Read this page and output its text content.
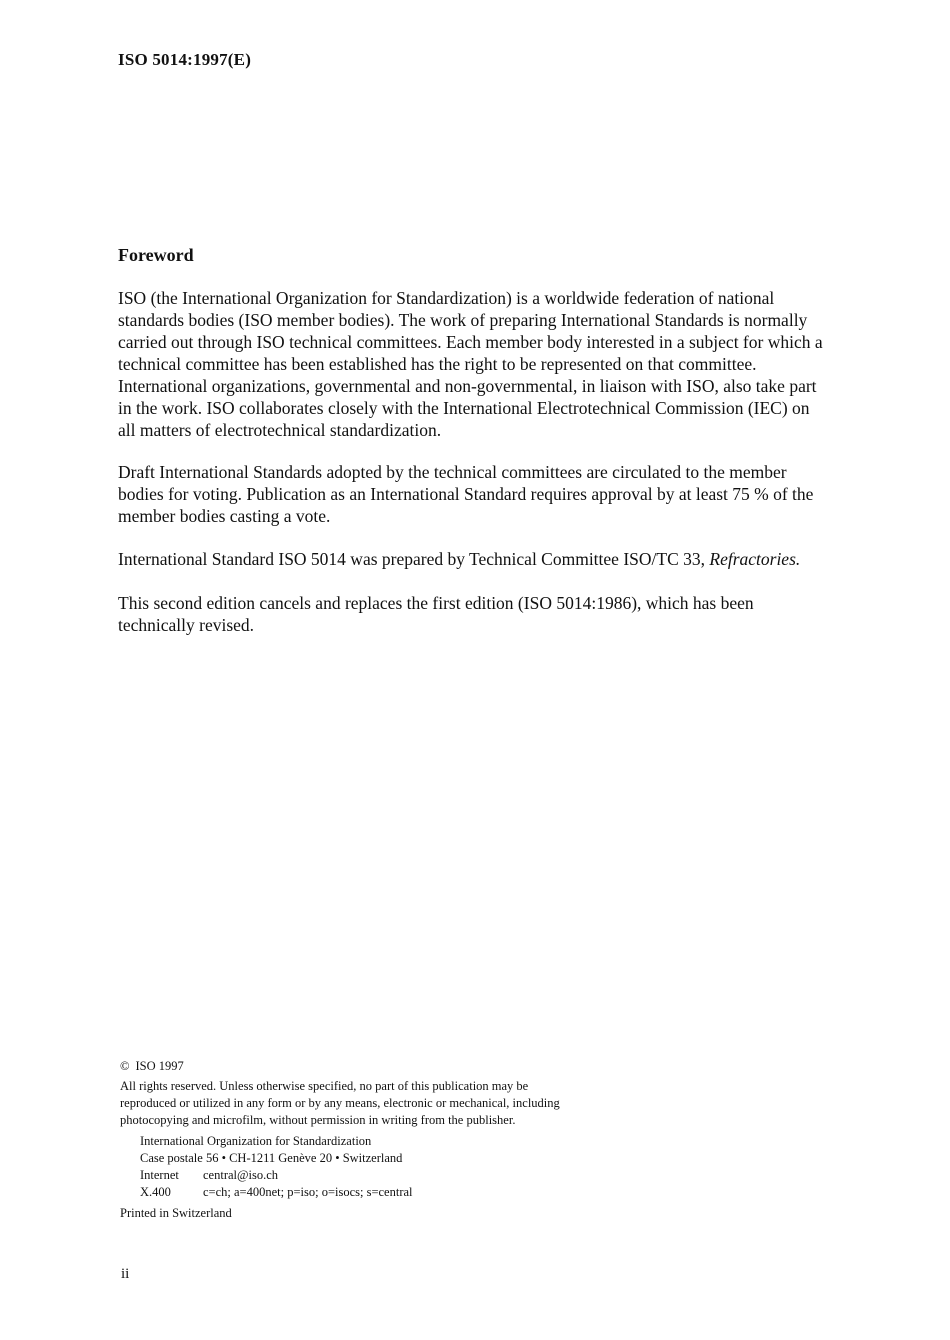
ISO 5014:1997(E)
Foreword
ISO (the International Organization for Standardization) is a worldwide federation of national
standards bodies (ISO member bodies). The work of preparing International Standards is normally
carried out through ISO technical committees. Each member body interested in a subject for which a
technical committee has been established has the right to be represented on that committee.
International organizations, governmental and non-governmental, in liaison with ISO, also take part
in the work. ISO collaborates closely with the International Electrotechnical Commission (IEC) on
all matters of electrotechnical standardization.
Draft International Standards adopted by the technical committees are circulated to the member
bodies for voting. Publication as an International Standard requires approval by at least 75 % of the
member bodies casting a vote.
International Standard ISO 5014 was prepared by Technical Committee ISO/TC 33, Refractories.
This second edition cancels and replaces the first edition (ISO 5014:1986), which has been
technically revised.
© ISO 1997
All rights reserved. Unless otherwise specified, no part of this publication may be
reproduced or utilized in any form or by any means, electronic or mechanical, including
photocopying and microfilm, without permission in writing from the publisher.
International Organization for Standardization
Case postale 56 • CH-1211 Genève 20 • Switzerland
Internet	central@iso.ch
X.400	c=ch; a=400net; p=iso; o=isocs; s=central
Printed in Switzerland
ii
